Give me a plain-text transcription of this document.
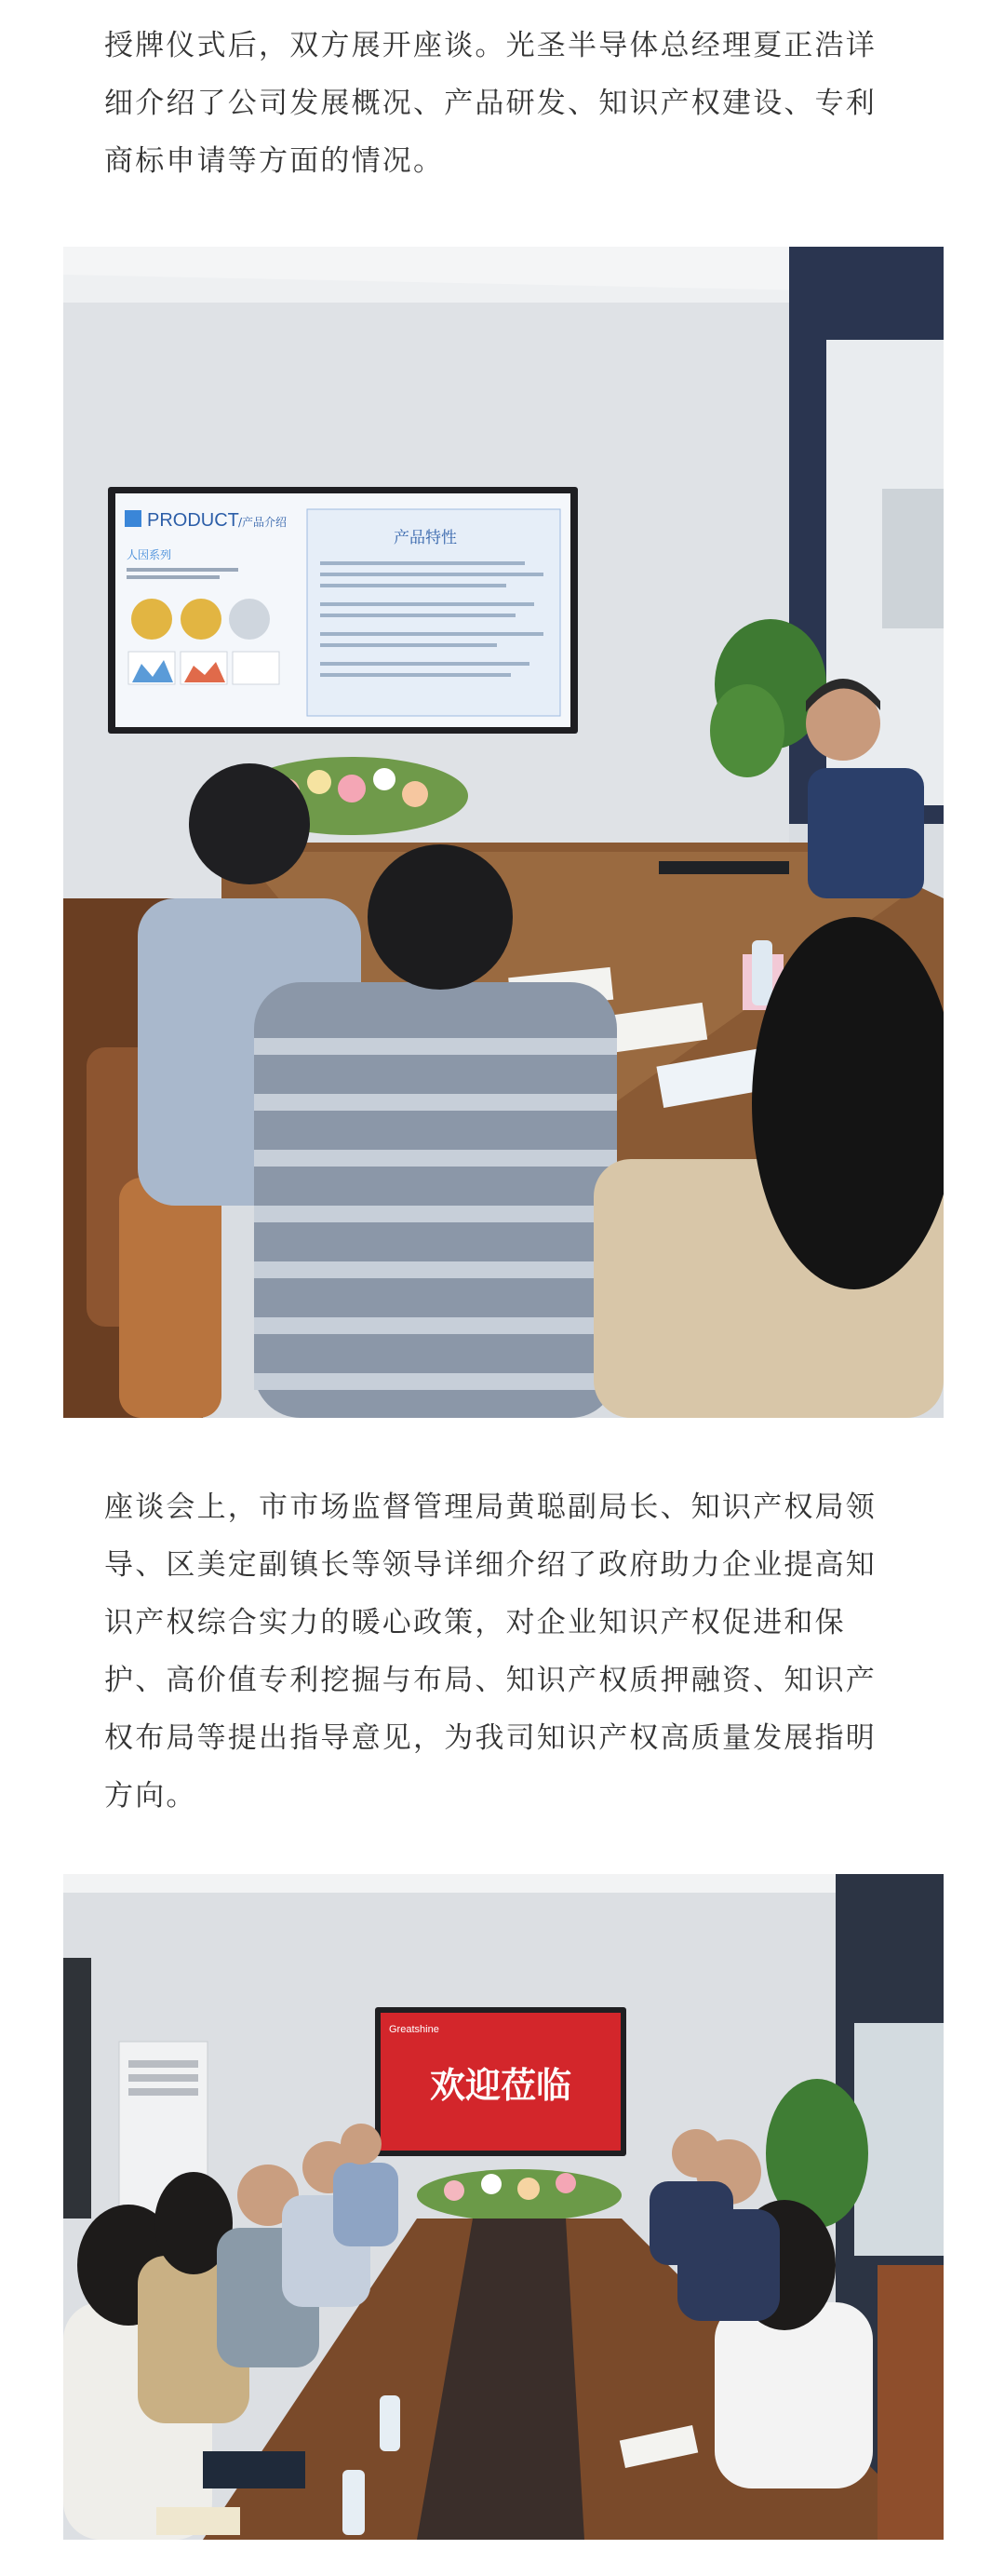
授牌仪式后，双方展开座谈。光圣半导体总经理夏正浩详细介绍了公司发展概况、产品研发、知识产权建设、专利商标申请等方面的情况。

PRODUCT /产品介绍
人因系列
产品特性

座谈会上，市市场监督管理局黄聪副局长、知识产权局领导、区美定副镇长等领导详细介绍了政府助力企业提高知识产权综合实力的暖心政策，对企业知识产权促进和保护、高价值专利挖掘与布局、知识产权质押融资、知识产权布局等提出指导意见，为我司知识产权高质量发展指明方向。

Greatshine
欢迎莅临
